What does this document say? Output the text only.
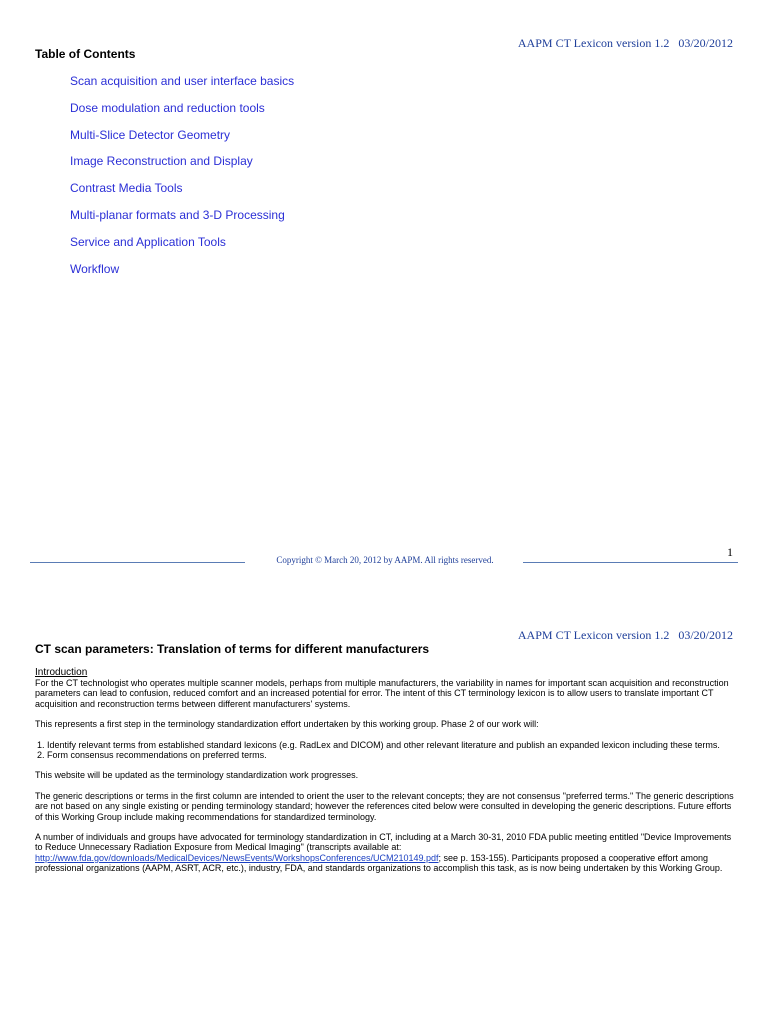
AAPM CT Lexicon version 1.2   03/20/2012
Table of Contents
Scan acquisition and user interface basics
Dose modulation and reduction tools
Multi-Slice Detector Geometry
Image Reconstruction and Display
Contrast Media Tools
Multi-planar formats and 3-D Processing
Service and Application Tools
Workflow
1
Copyright © March 20, 2012 by AAPM. All rights reserved.
AAPM CT Lexicon version 1.2   03/20/2012
CT scan parameters: Translation of terms for different manufacturers

Introduction

For the CT technologist who operates multiple scanner models, perhaps from multiple manufacturers, the variability in names for important scan acquisition and reconstruction parameters can lead to confusion, reduced comfort and an increased potential for error. The intent of this CT terminology lexicon is to allow users to translate important CT acquisition and reconstruction terms between different manufacturers' systems.

This represents a first step in the terminology standardization effort undertaken by this working group. Phase 2 of our work will:

1. Identify relevant terms from established standard lexicons (e.g. RadLex and DICOM) and other relevant literature and publish an expanded lexicon including these terms.
2. Form consensus recommendations on preferred terms.

This website will be updated as the terminology standardization work progresses.

The generic descriptions or terms in the first column are intended to orient the user to the relevant concepts; they are not consensus "preferred terms." The generic descriptions are not based on any single existing or pending terminology standard; however the references cited below were consulted in developing the generic descriptions. Future efforts of this Working Group include making recommendations for standardized terminology.

A number of individuals and groups have advocated for terminology standardization in CT, including at a March 30-31, 2010 FDA public meeting entitled "Device Improvements to Reduce Unnecessary Radiation Exposure from Medical Imaging" (transcripts available at: http://www.fda.gov/downloads/MedicalDevices/NewsEvents/WorkshopsConferences/UCM210149.pdf; see p. 153-155). Participants proposed a cooperative effort among professional organizations (AAPM, ASRT, ACR, etc.), industry, FDA, and standards organizations to accomplish this task, as is now being undertaken by this Working Group.
